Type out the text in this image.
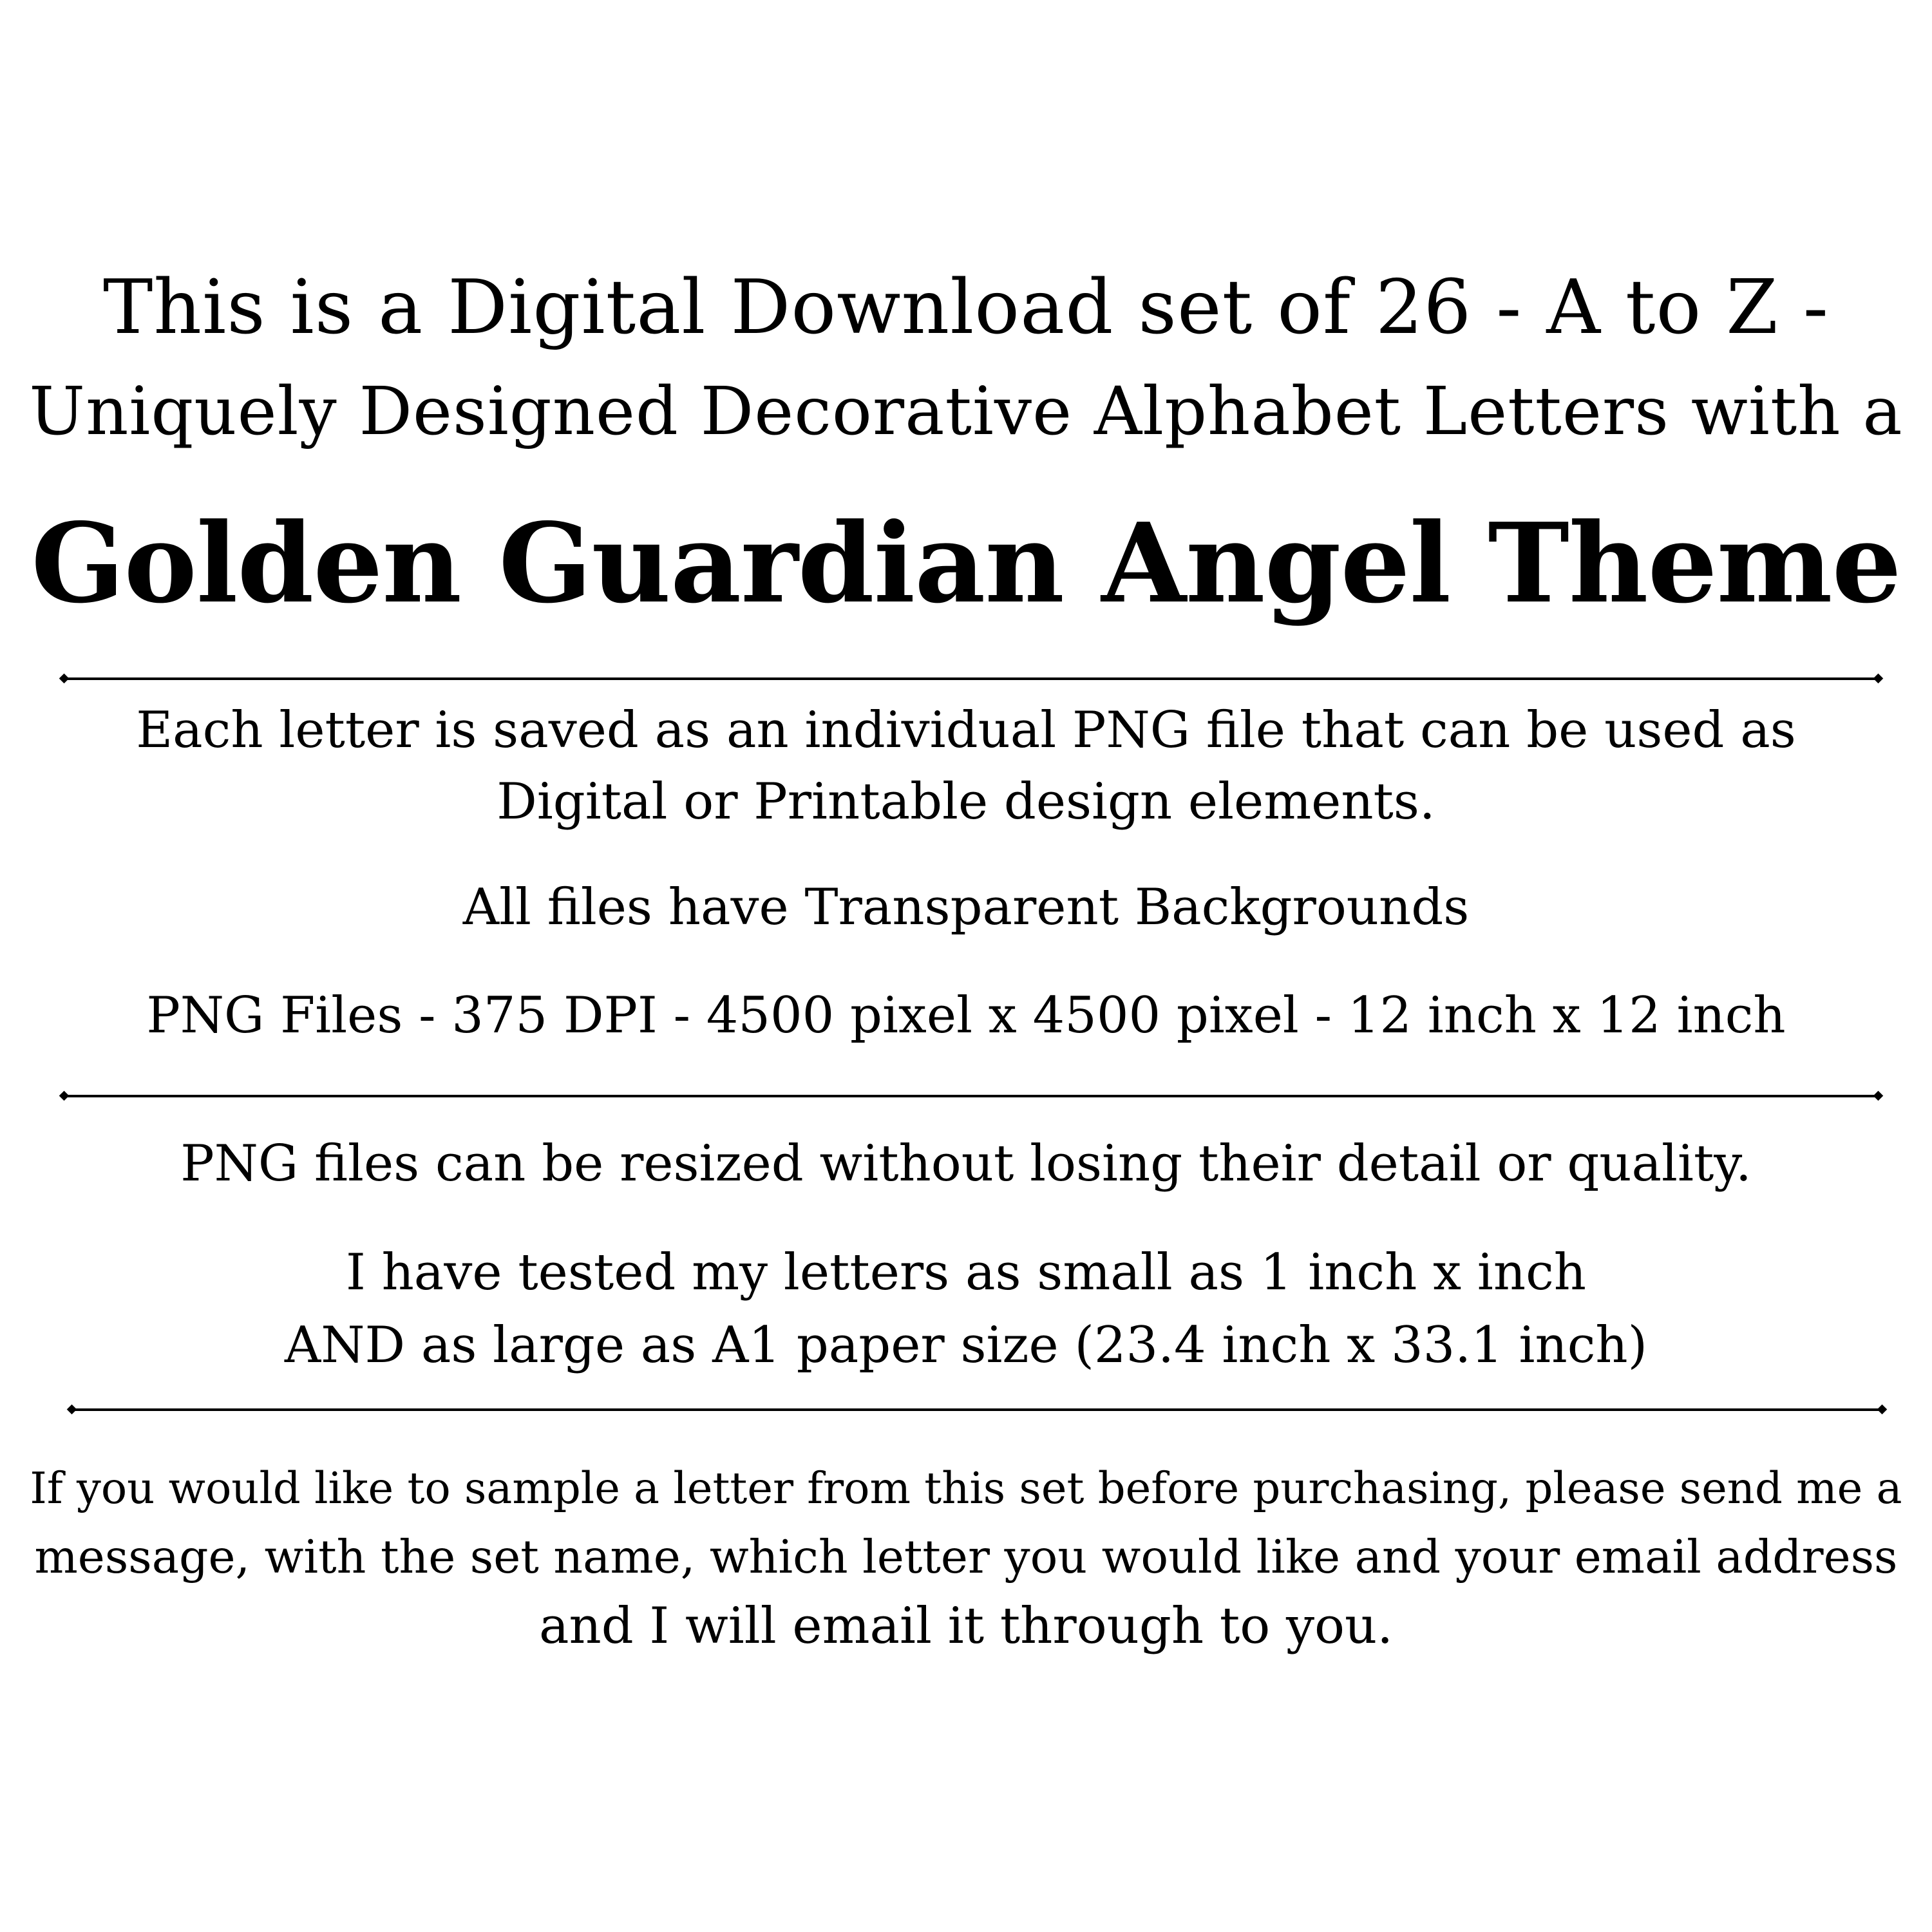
This is a Digital Download set of 26 - A to Z -
Uniquely Designed Decorative Alphabet Letters with a
Golden Guardian Angel Theme
Each letter is saved as an individual PNG file that can be used as
Digital or Printable design elements.
All files have Transparent Backgrounds
PNG Files - 375 DPI - 4500 pixel x 4500 pixel - 12 inch x 12 inch
PNG files can be resized without losing their detail or quality.
I have tested my letters as small as 1 inch x inch
AND as large as A1 paper size (23.4 inch x 33.1 inch)
If you would like to sample a letter from this set before purchasing, please send me a
message, with the set name, which letter you would like and your email address
and I will email it through to you.
